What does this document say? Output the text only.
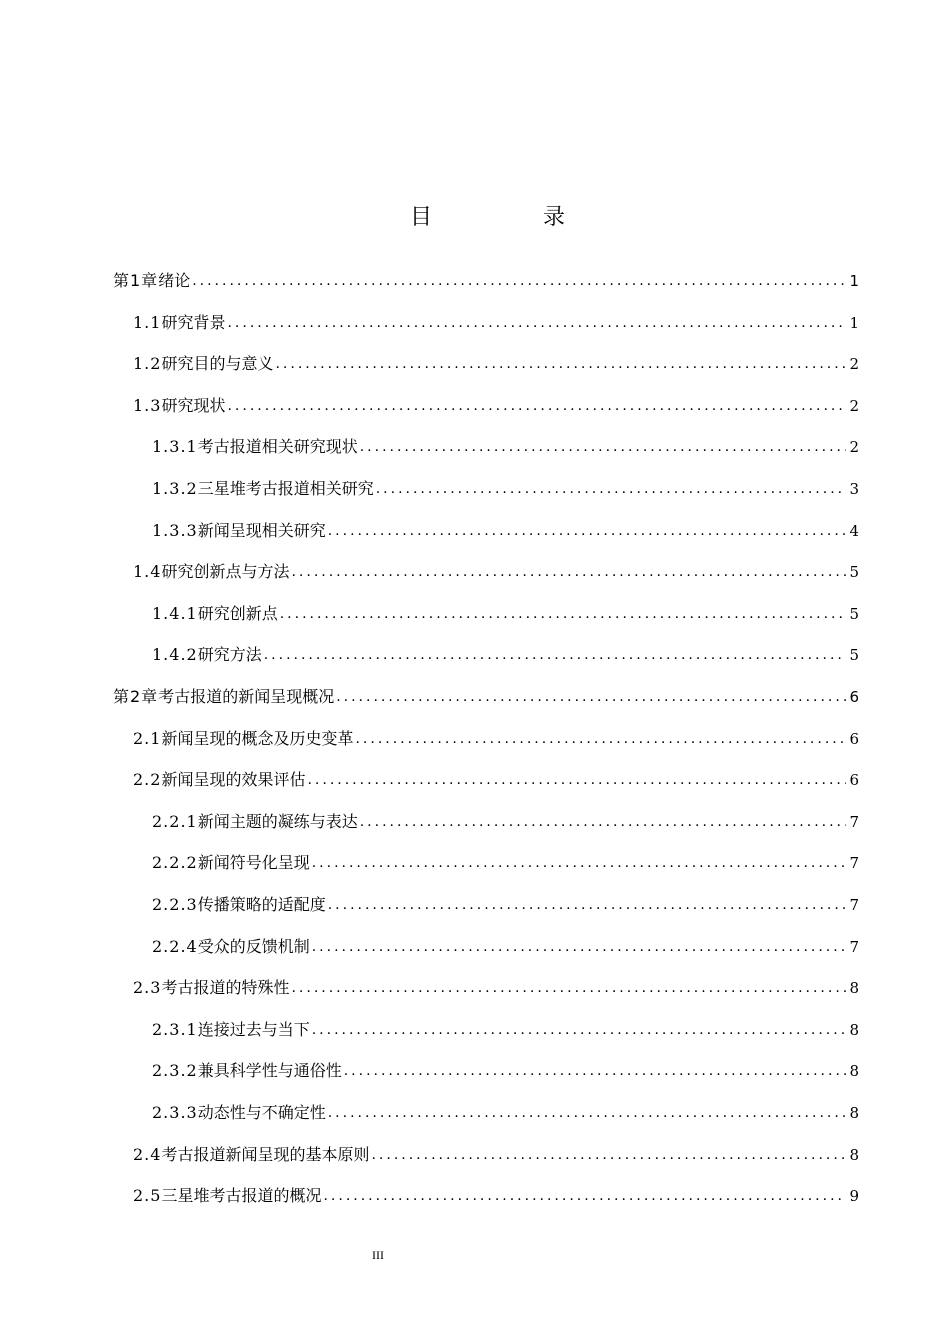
目 录
第1章 绪论 .....	1
1.1 研究背景 .....	1
1.2 研究目的与意义 .....	2
1.3 研究现状 .....	2
1.3.1 考古报道相关研究现状 .....	2
1.3.2 三星堆考古报道相关研究 .....	3
1.3.3 新闻呈现相关研究 .....	4
1.4 研究创新点与方法 .....	5
1.4.1 研究创新点 .....	5
1.4.2 研究方法 .....	5
第2章 考古报道的新闻呈现概况 .....	6
2.1 新闻呈现的概念及历史变革 .....	6
2.2 新闻呈现的效果评估 .....	6
2.2.1 新闻主题的凝练与表达 .....	7
2.2.2 新闻符号化呈现 .....	7
2.2.3 传播策略的适配度 .....	7
2.2.4 受众的反馈机制 .....	7
2.3 考古报道的特殊性 .....	8
2.3.1 连接过去与当下 .....	8
2.3.2 兼具科学性与通俗性 .....	8
2.3.3 动态性与不确定性 .....	8
2.4 考古报道新闻呈现的基本原则 .....	8
2.5 三星堆考古报道的概况 .....	9
III
